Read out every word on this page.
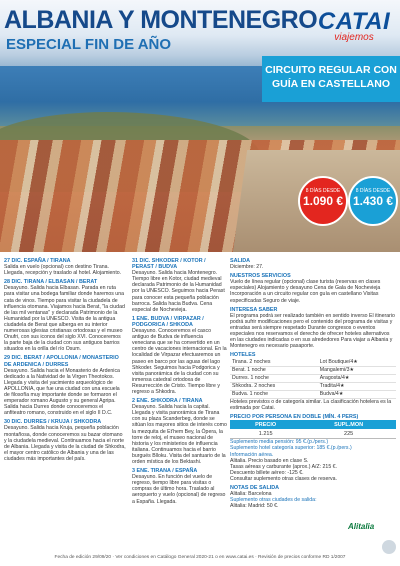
ALBANIA Y MONTENEGRO
ESPECIAL FIN DE AÑO
CATAI
viajemos
CIRCUITO REGULAR CON GUÍA EN CASTELLANO
8 DÍAS DESDE
1.090 €
8 DÍAS DESDE
1.430 €
27 DIC. ESPAÑA / TIRANA
Salida en vuelo (opcional) con destino Tirana. Llegada, recepción y traslado al hotel. Alojamiento.
28 DIC. TIRANA / ELBASAN / BERAT
Desayuno. Salida hacia Elbasan. Parada en ruta para visitar una bodega familiar donde haremos una cata de vinos. Tiempo para visitar la ciudadela de influencia otomana. Viajamos hacia Berat, "la ciudad de las mil ventanas" y declarada Patrimonio de la Humanidad por la UNESCO. Visita de la antigua ciudadela de Berat que alberga en su interior numerosas iglesias cristianas ortodoxas y el museo Onufri, con sus iconos del siglo XVI. Conoceremos la parte baja de la ciudad con sus antiguos barrios situados en la orilla del río Osum.
29 DIC. BERAT / APOLLONIA / MONASTERIO DE ARDENICA / DURRES
Desayuno. Salida hacia el Monasterio de Ardenica dedicado a la Natividad de la Virgen Theotokos. Llegada y visita del yacimiento arqueológico de APOLLONIA, que fue una ciudad con una escuela de filosofía muy importante donde se formaron el emperador romano Augusto y su general Agripa. Salida hacia Durres donde conoceremos el anfiteatro romano, construido en el siglo II D.C.
30 DIC. DURRES / KRUJA / SHKODRA
Desayuno. Salida hacia Kruja, pequeña población montañosa, donde conoceremos su bazar otomano y la ciudadela medieval. Continuamos hacia el norte de Albania. Llegada y visita de la ciudad de Shkodra, el mayor centro católico de Albania y una de las ciudades más importantes del país.
31 DIC. SHKODER / KOTOR / PERAST / BUDVA
Desayuno. Salida hacia Montenegro. Tiempo libre en Kotor, ciudad medieval declarada Patrimonio de la Humanidad por la UNESCO. Seguimos hacia Perast para conocer esta pequeña población barroca. Salida hacia Budva. Cena especial de Nochevieja.
1 ENE. BUDVA / VIRPAZAR / PODGORICA / SHKODA
Desayuno. Conoceremos el casco antiguo de Budva de influencia veneciana que se ha convertido en un centro de vacaciones internacional. En la localidad de Virpazar efectuaremos un paseo en barco por las aguas del lago Shkoder. Seguimos hacia Podgorica y visita panorámica de la ciudad con su inmensa catedral ortodoxa de Resurrección de Cristo. Tiempo libre y regreso a Shkodra.
2 ENE. SHKODRA / TIRANA
Desayuno. Salida hacia la capital. Llegada y visita panorámica de Tirana con su plaza Scanderbeg, donde se sitúan los mayores sitios de interés como la mezquita de Et'hem Bey, la Ópera, la torre de reloj, el museo nacional de historia y los ministerios de influencia italiana. Continuamos hacia el barrio burgués Blloku. Visita del santuario de la orden mística de los Bektashi.
3 ENE. TIRANA / ESPAÑA
Desayuno. En función del vuelo de regreso, tiempo libre para visitas o compras de último hora. Traslado al aeropuerto y vuelo (opcional) de regreso a España. Llegada.
SALIDA
Diciembre: 27.
NUESTROS SERVICIOS
Vuelo de línea regular (opcional) clase turista (reservas en clases especiales) Alojamiento y desayuno Cena de Gala de Nochevieja Incorporación a un circuito regular con guía en castellano Visitas especificadas Seguro de viaje.
INTERESA SABER
El programa podrá ser realizado también en sentido inverso El itinerario podrá sufrir modificaciones pero el contenido del programa de visitas y entradas será siempre respetado Durante congresos o eventos especiales nos reservamos el derecho de ofrecer hoteles alternativos en las ciudades indicadas o en sus alrededores Para viajar a Albania y Montenegro es necesario pasaporte.
HOTELES
Tirana. 2 noches	Lot Boutique/4★
Berat. 1 noche	Mangalemi/3★
Durres. 1 noche	Aragosta/4★
Shkodra. 2 noches	Tradita/4★
Budva. 1 noche	Budva/4★
Hoteles previstos o de categoría similar. La clasificación hotelera es la estimada por Catai.
PRECIO POR PERSONA EN DOBLE (MÍN. 4 PERS)
PRECIO	SUPL.MON
1.215	225
Suplemento media pensión: 95 €.(p./pers.)
Suplemento hotel categoría superior: 185 €.(p./pers.)
Información aérea.
Alitalia. Precio basado en clase S.
Tasas aéreas y carburante (aprox.) A/Z: 215 €.
Descuento billete aéreo: -125 €.
Consultar suplemento otras clases de reserva.
NOTAS DE SALIDA
Alitalia: Barcelona
Suplemento otras ciudades de salida:
Alitalia: Madrid: 50 €.
Alitalia
Fecha de edición 29/09/20 · Ver condiciones en Catálogo General 2020-21 o en www.catai.es · Revisión de precios conforme RD 1/2007
